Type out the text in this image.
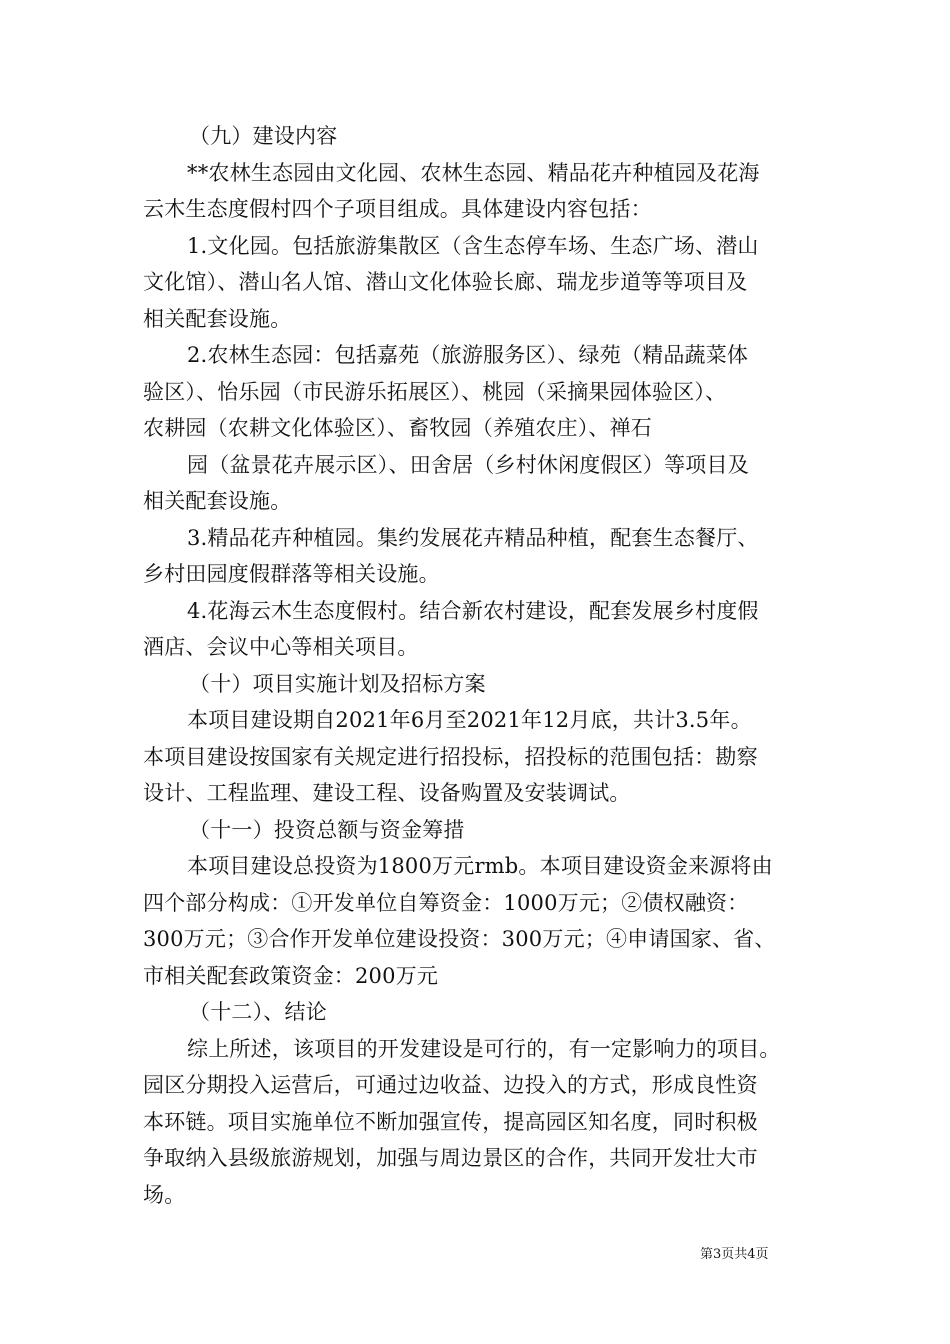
（九）建设内容
**农林生态园由文化园、农林生态园、精品花卉种植园及花海
云木生态度假村四个子项目组成。具体建设内容包括：
1.文化园。包括旅游集散区（含生态停车场、生态广场、潜山
文化馆）、潜山名人馆、潜山文化体验长廊、瑞龙步道等等项目及
相关配套设施。
2.农林生态园：包括嘉苑（旅游服务区）、绿苑（精品蔬菜体
验区）、怡乐园（市民游乐拓展区）、桃园（采摘果园体验区）、
农耕园（农耕文化体验区）、畜牧园（养殖农庄）、禅石
园（盆景花卉展示区）、田舍居（乡村休闲度假区）等项目及
相关配套设施。
3.精品花卉种植园。集约发展花卉精品种植，配套生态餐厅、
乡村田园度假群落等相关设施。
4.花海云木生态度假村。结合新农村建设，配套发展乡村度假
酒店、会议中心等相关项目。
（十）项目实施计划及招标方案
本项目建设期自2021年6月至2021年12月底，共计3.5年。
本项目建设按国家有关规定进行招投标，招投标的范围包括：勘察
设计、工程监理、建设工程、设备购置及安装调试。
（十一）投资总额与资金筹措
本项目建设总投资为1800万元rmb。本项目建设资金来源将由
四个部分构成：①开发单位自筹资金：1000万元；②债权融资：
300万元；③合作开发单位建设投资：300万元；④申请国家、省、
市相关配套政策资金：200万元
（十二）、结论
综上所述，该项目的开发建设是可行的，有一定影响力的项目。
园区分期投入运营后，可通过边收益、边投入的方式，形成良性资
本环链。项目实施单位不断加强宣传，提高园区知名度，同时积极
争取纳入县级旅游规划，加强与周边景区的合作，共同开发壮大市
场。
第3页共4页
